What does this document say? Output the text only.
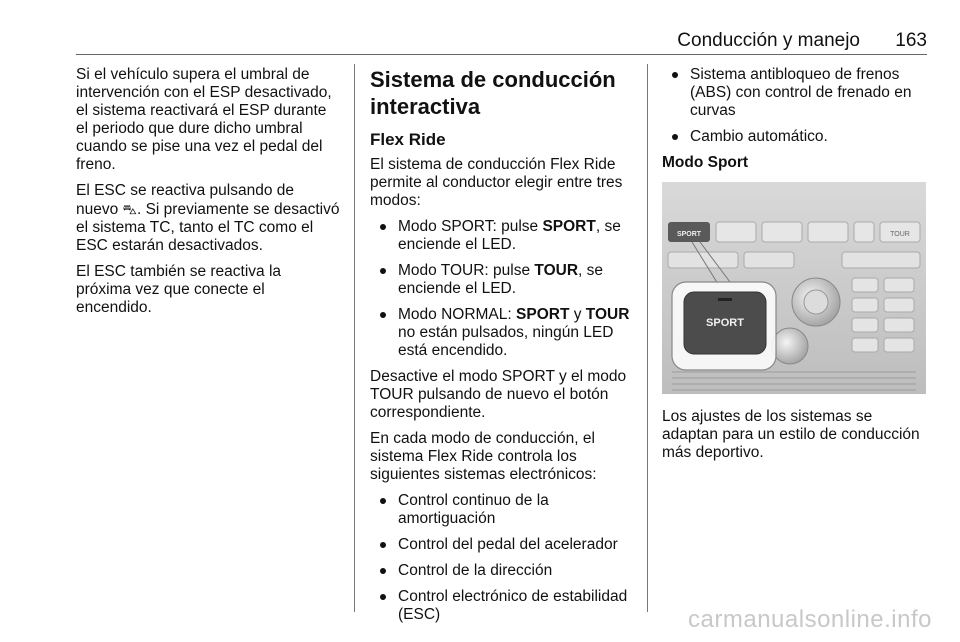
Conducción y manejo 163

Si el vehículo supera el umbral de intervención con el ESP desactivado, el sistema reactivará el ESP durante el periodo que dure dicho umbral cuando se pise una vez el pedal del freno.

El ESC se reactiva pulsando de nuevo ⛍. Si previamente se desactivó el sistema TC, tanto el TC como el ESC estarán desactivados.

El ESC también se reactiva la próxima vez que conecte el encendido.

Sistema de conducción interactiva
Flex Ride

El sistema de conducción Flex Ride permite al conductor elegir entre tres modos:

Modo SPORT: pulse SPORT, se enciende el LED.
Modo TOUR: pulse TOUR, se enciende el LED.
Modo NORMAL: SPORT y TOUR no están pulsados, ningún LED está encendido.

Desactive el modo SPORT y el modo TOUR pulsando de nuevo el botón correspondiente.

En cada modo de conducción, el sistema Flex Ride controla los siguientes sistemas electrónicos:

Control continuo de la amortiguación
Control del pedal del acelerador
Control de la dirección
Control electrónico de estabilidad (ESC)
Sistema antibloqueo de frenos (ABS) con control de frenado en curvas
Cambio automático.
Modo Sport
SPORT	TOUR
SPORT

Los ajustes de los sistemas se adaptan para un estilo de conducción más deportivo.

carmanualsonline.info
